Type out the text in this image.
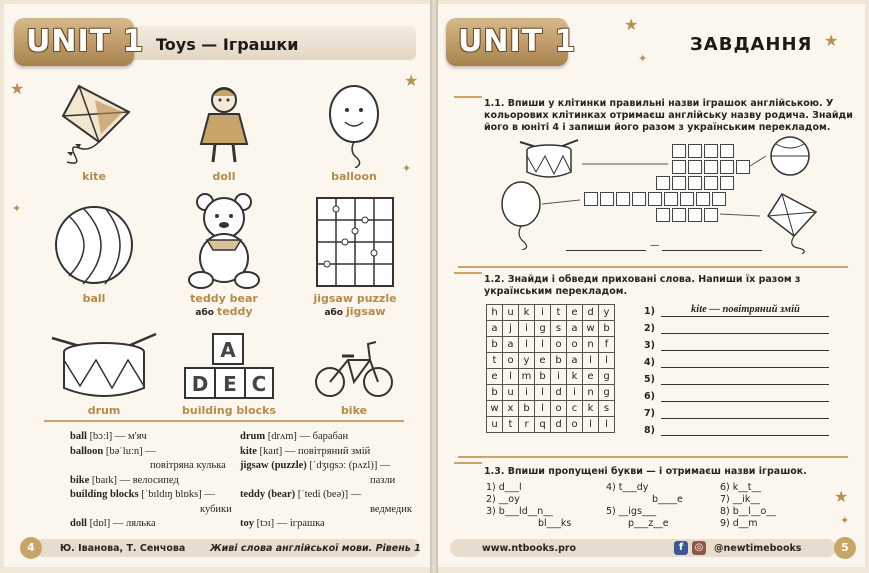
UNIT 1 Toys — Іграшки
★	★
✦
✦
kite	doll	balloon
ball	teddy bear
або teddy
jigsaw puzzle
або jigsaw
drum
A
D E C
building blocks	bike
ball [bɔːl] — м'яч
balloon [bəˈluːn] —
повітряна кулька
bike [baɪk] — велосипед
building blocks [ˈbɪldɪŋ blɒks] —
кубики
doll [dɒl] — лялька
drum [drʌm] — барабан
kite [kaɪt] — повітряний змій
jigsaw (puzzle) [ˈdʒɪɡsɔː (pʌzl)] —
пазли
teddy (bear) [ˈtedi (beə)] —
ведмедик
toy [tɔɪ] — іграшка
4	Ю. Іванова, Т. Сенчова	Живі слова англійської мови. Рівень 1
UNIT 1	ЗАВДАННЯ
★
★
✦
1.1. Впиши у клітинки правильні назви іграшок англійською. У кольорових клітинках отримаєш англійську назву родича. Знайди його в юніті 4 і запиши його разом з українським перекладом.
—
1.2. Знайди і обведи приховані слова. Напиши їх разом з українським перекладом.
h	u	k	i	t	e	d	y
a	j	i	g	s	a	w	b
b	a	l	l	o	o	n	f
t	o	y	e	b	a	l	l
e	l	m	b	i	k	e	g
b	u	i	l	d	i	n	g
w	x	b	l	o	c	k	s
u	t	r	q	d	o	l	l
1)	kite — повітряний змій
2)
3)
4)
5)
6)
7)
8)
1.3. Впиши пропущені букви — і отримаєш назви іграшок.
1) d___l
2) __oy
3) b___ld__n__
bl___ks
4) t___dy
b____e
5) __igs___
p___z__e
6) k__t__
7) __ik__
8) b__l__o__
9) d__m
★
✦
www.ntbooks.pro	f	◎ @newtimebooks	5
